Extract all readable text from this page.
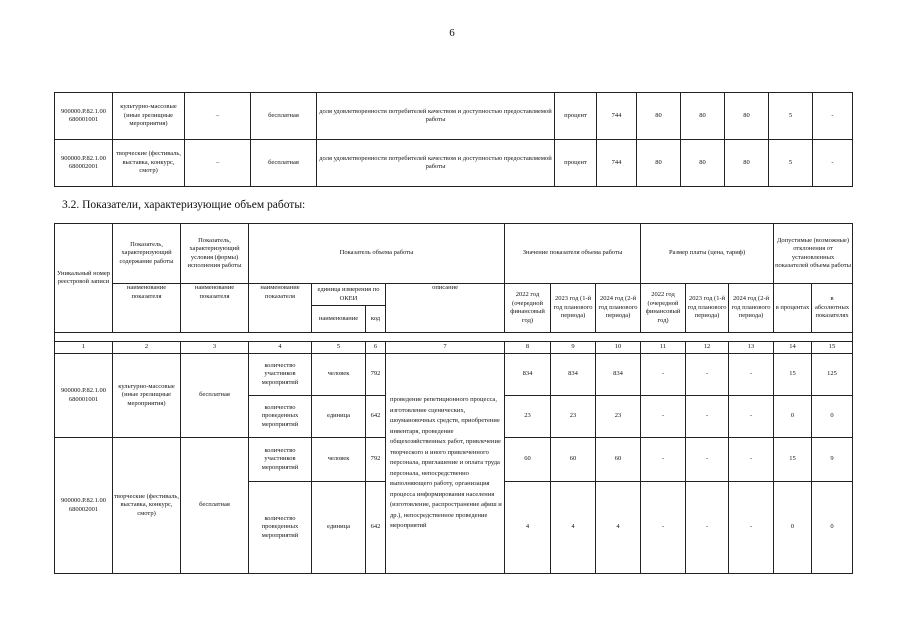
6
900000.Р.82.1.00 680001001	культурно-массовые (иные зрелищные мероприятия)	–	бесплатная	доля удовлетворенности потребителей качеством и доступностью предоставляемой работы	процент	744	80	80	80	5	-
900000.Р.82.1.00 680002001	творческие (фестиваль, выставка, конкурс, смотр)	–	бесплатная	доля удовлетворенности потребителей качеством и доступностью предоставляемой работы	процент	744	80	80	80	5	-
3.2. Показатели, характеризующие объем работы:
Уникальный номер реестровой записи	Показатель, характеризующий содержание работы	Показатель, характеризующий условия (формы) исполнения работы	Показатель объема работы				Значение показателя объема работы			Размер платы (цена, тариф)			Допустимые (возможные) отклонения от установленных показателей объема работы	
	наименование показателя	наименование показателя	наименование показателя	единица измерения по ОКЕИ		описание	2022 год (очередной финансовый год)	2023 год (1-й год планового периода)	2024 год (2-й год планового периода)	2022 год (очередной финансовый год)	2023 год (1-й год планового периода)	2024 год (2-й год планового периода)	в процентах	в абсолютных показателях
				наименование	код									

1	2	3	4	5	6	7	8	9	10	11	12	13	14	15
900000.Р.82.1.00 680001001	культурно-массовые (иные зрелищные мероприятия)	бесплатная	количество участников мероприятий	человек	792	проведение репетиционного процесса, изготовление сценических, шоумановочных средств, приобретение инвентаря, проведение общехозяйственных работ, привлечение творческого и иного привлеченного персонала, приглашение и оплата труда персонала, непосредственно выполняющего работу, организация процесса информирования населения (изготовление, распространение афиш и др.), непосредственное проведение мероприятий	834	834	834	-	-	-	15	125
			количество проведенных мероприятий	единица	642		23	23	23	-	-	-	0	0
900000.Р.82.1.00 680002001	творческие (фестиваль, выставка, конкурс, смотр)	бесплатная	количество участников мероприятий	человек	792		60	60	60	-	-	-	15	9
			количество проведенных мероприятий	единица	642		4	4	4	-	-	-	0	0
